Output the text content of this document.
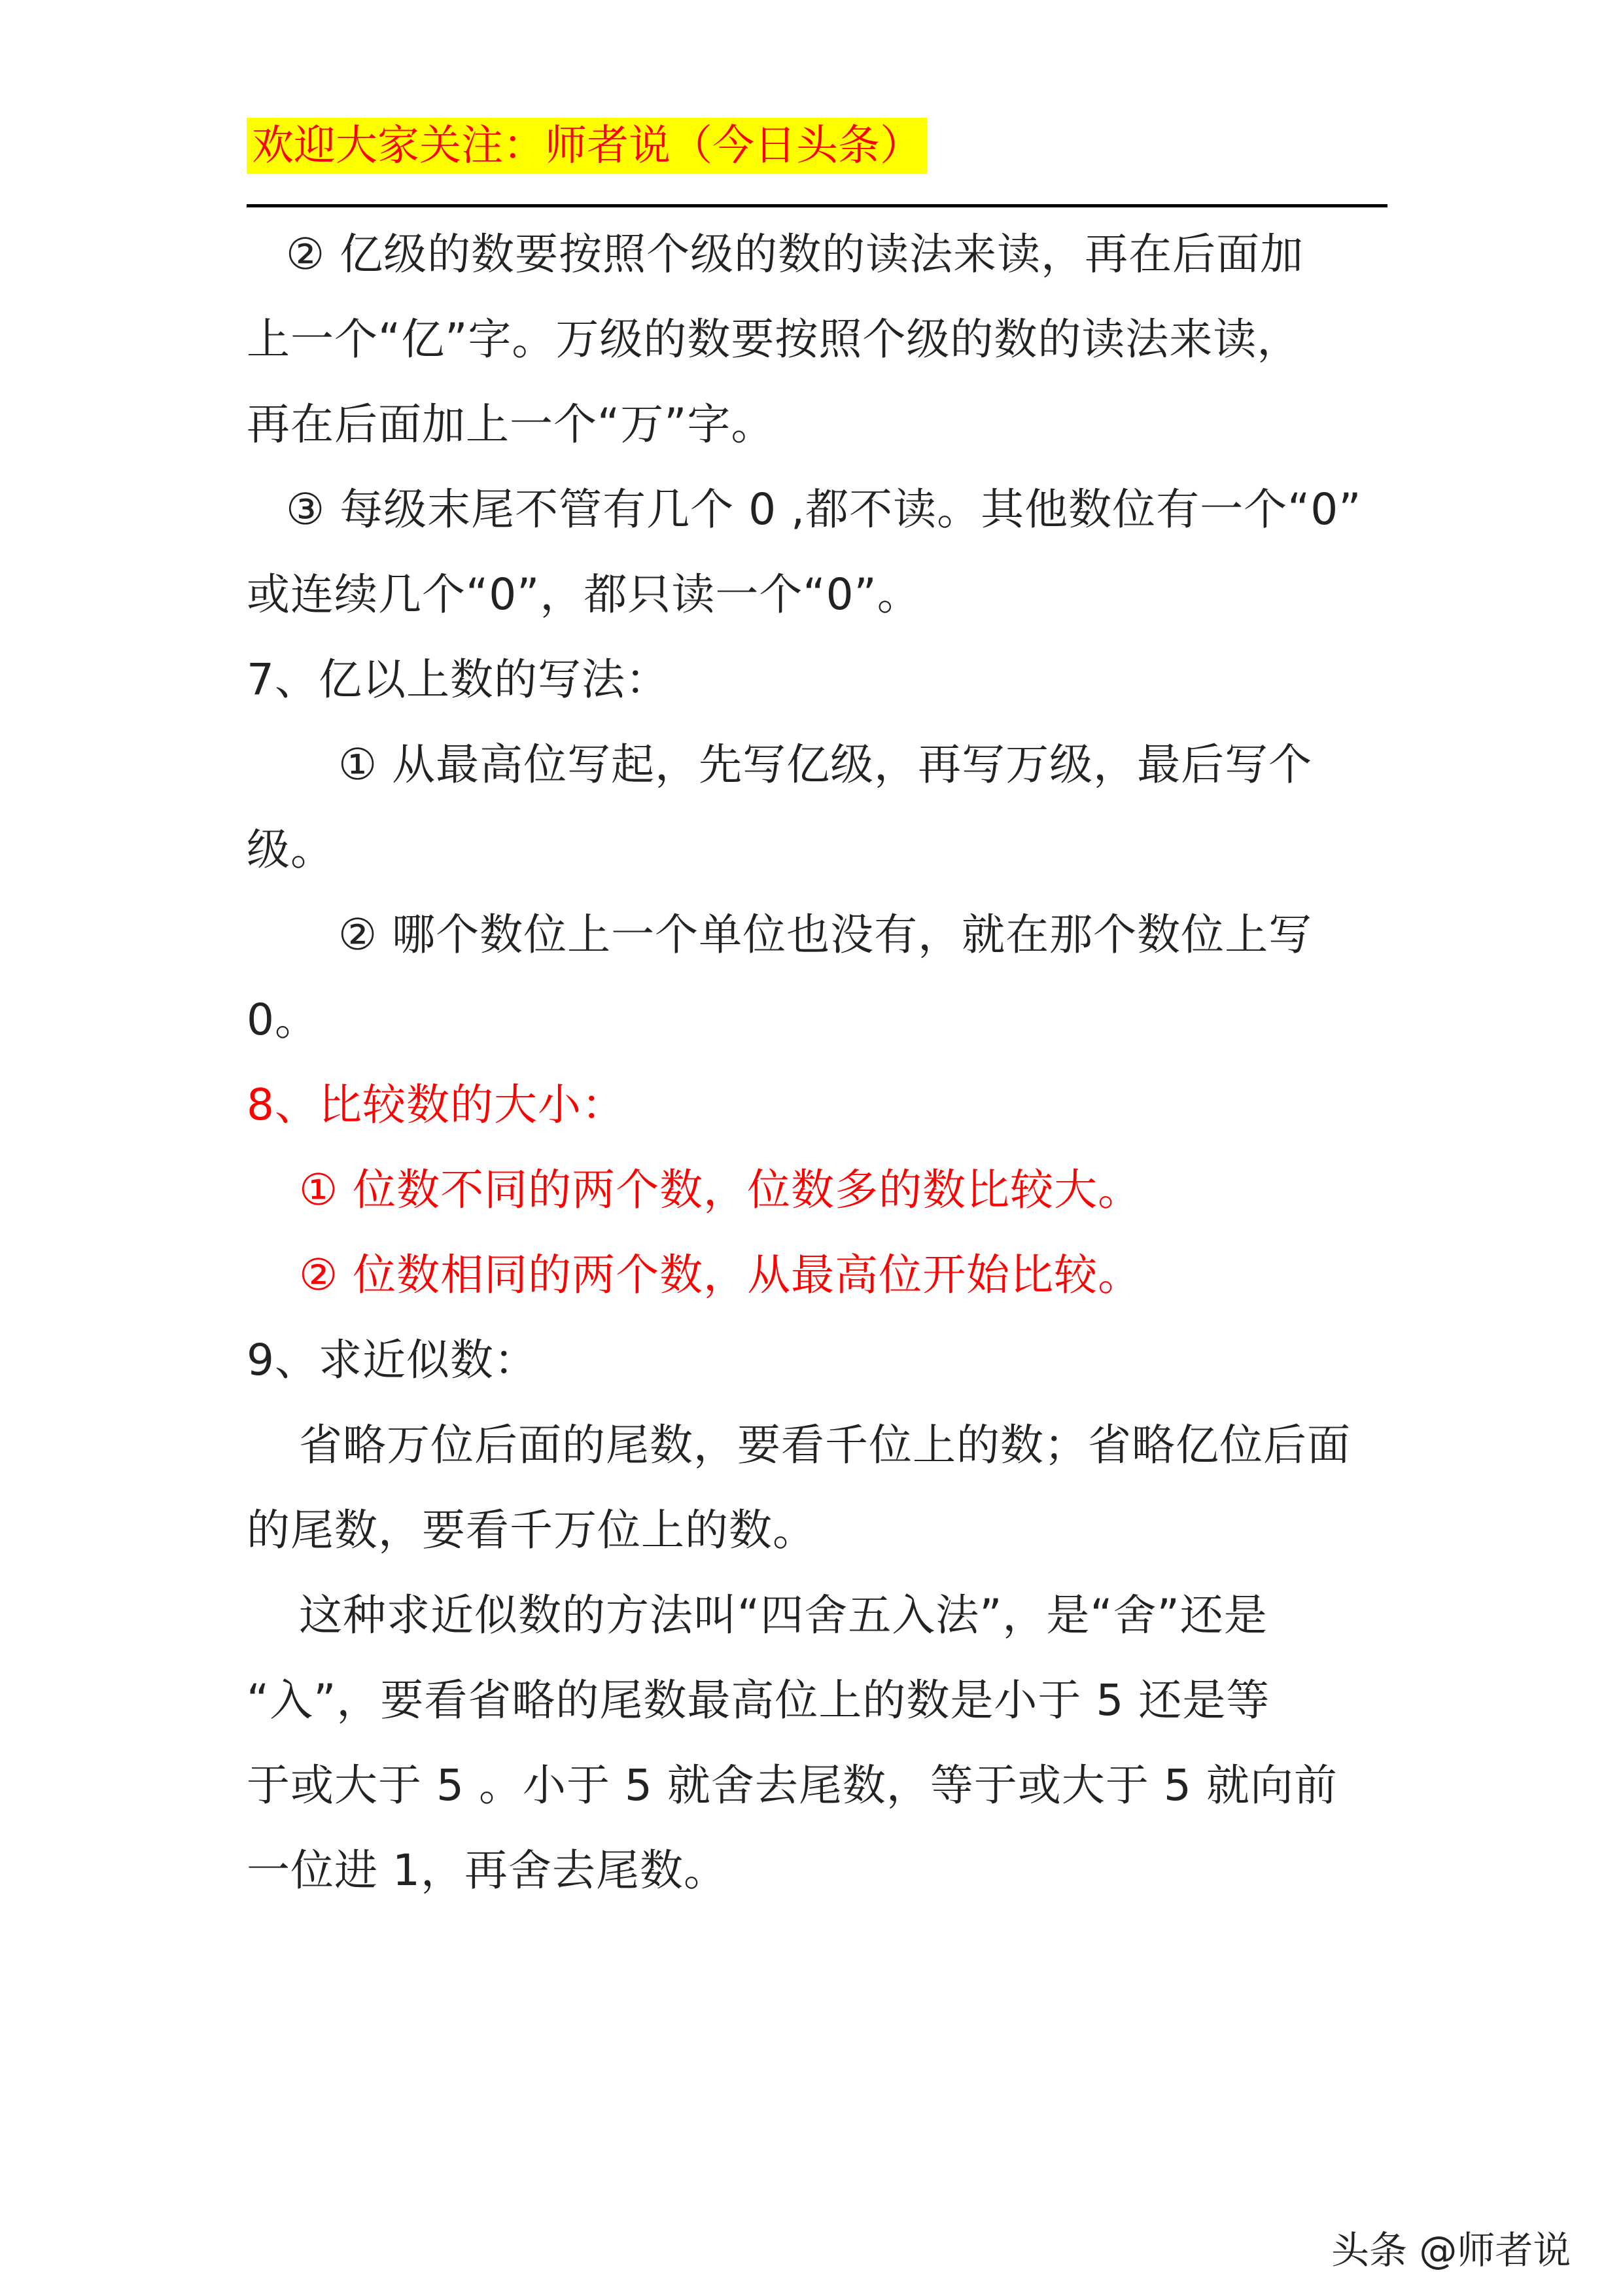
欢迎大家关注：师者说（今日头条）
② 亿级的数要按照个级的数的读法来读，再在后面加
上一个“亿”字。万级的数要按照个级的数的读法来读，
再在后面加上一个“万”字。
③ 每级末尾不管有几个 0 ,都不读。其他数位有一个“0”
或连续几个“0”，都只读一个“0”。
7、亿以上数的写法：
① 从最高位写起，先写亿级，再写万级，最后写个
级。
② 哪个数位上一个单位也没有，就在那个数位上写
0。
8、比较数的大小：
① 位数不同的两个数，位数多的数比较大。
② 位数相同的两个数，从最高位开始比较。
9、求近似数：
省略万位后面的尾数，要看千位上的数；省略亿位后面
的尾数，要看千万位上的数。
这种求近似数的方法叫“四舍五入法”，是“舍”还是
“入”，要看省略的尾数最高位上的数是小于 5 还是等
于或大于 5 。小于 5 就舍去尾数，等于或大于 5 就向前
一位进 1，再舍去尾数。
头条 @师者说
